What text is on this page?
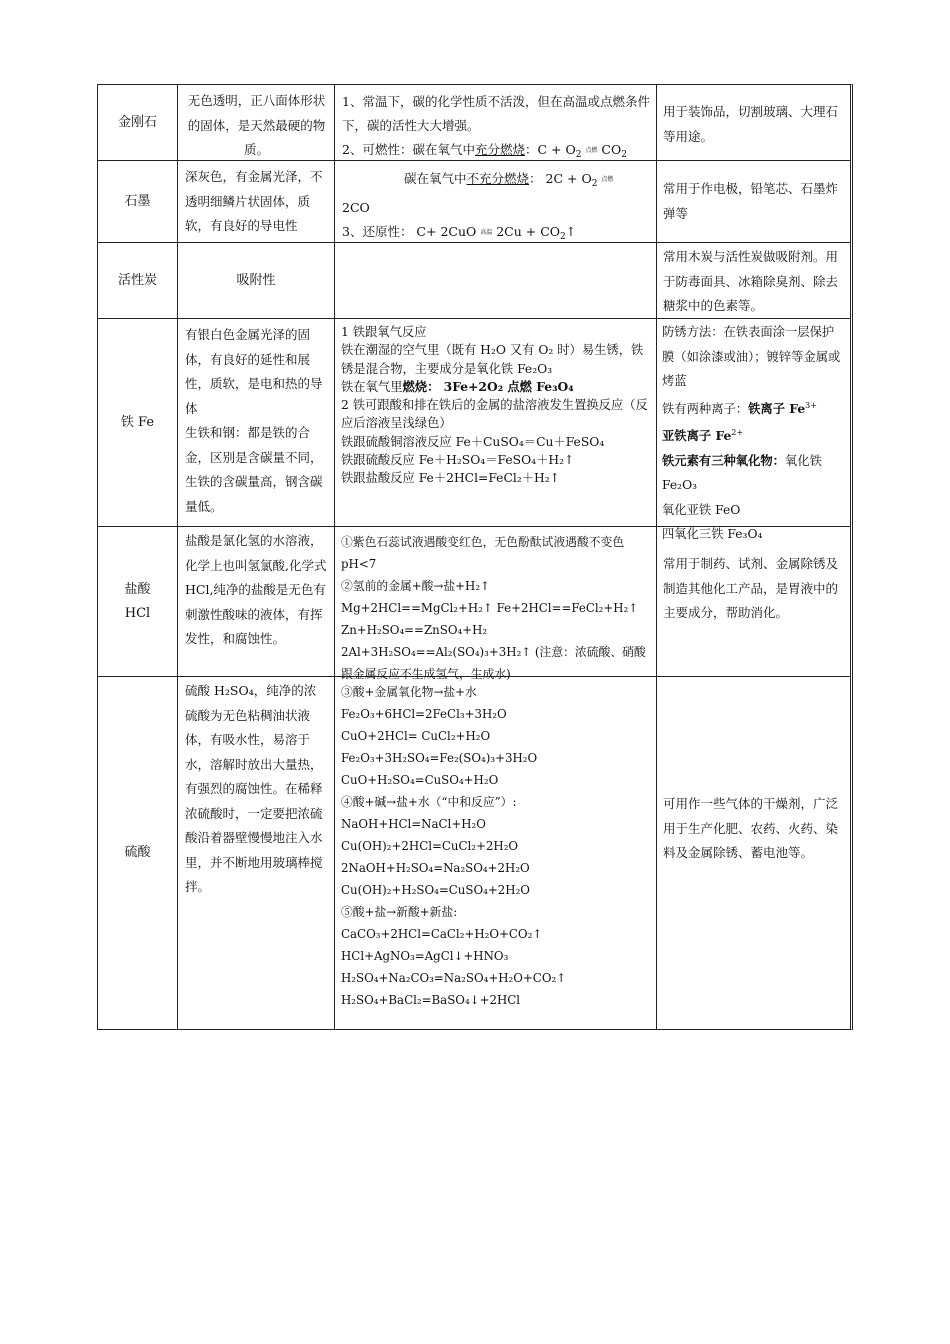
金刚石
无色透明，正八面体形状的固体，是天然最硬的物质。
用于装饰品，切割玻璃、大理石等用途。
石墨
深灰色，有金属光泽，不透明细鳞片状固体，质软，有良好的导电性
常用于作电极，铅笔芯、石墨炸弹等
活性炭	吸附性
常用木炭与活性炭做吸附剂。用于防毒面具、冰箱除臭剂、除去糖浆中的色素等。
1、常温下，碳的化学性质不活泼，但在高温或点燃条件下，碳的活性大大增强。
2、可燃性：碳在氧气中充分燃烧：$C + O_2$ 点燃 $CO_2$
碳在氧气中不充分燃烧： $2C + O_2$ 点燃
2CO
3、还原性： C+ 2CuO 高温 $2Cu + CO_2↑$
铁 Fe
有银白色金属光泽的固体，有良好的延性和展性，质软，是电和热的导体
生铁和钢：都是铁的合金，区别是含碳量不同，生铁的含碳量高，钢含碳量低。
1 铁跟氧气反应
铁在潮湿的空气里（既有 H₂O 又有 O₂ 时）易生锈，铁锈是混合物，主要成分是氧化铁 Fe₂O₃
铁在氧气里燃烧： 3Fe+2O₂ 点燃 Fe₃O₄
2 铁可跟酸和排在铁后的金属的盐溶液发生置换反应（反应后溶液呈浅绿色）
铁跟硫酸铜溶液反应 Fe＋CuSO₄＝Cu＋FeSO₄
铁跟硫酸反应 Fe＋H₂SO₄＝FeSO₄＋H₂↑
铁跟盐酸反应 Fe＋2HCl=FeCl₂＋H₂↑
防锈方法：在铁表面涂一层保护膜（如涂漆或油）；镀锌等金属或烤蓝
铁有两种离子：铁离子 $Fe^{3+}$
亚铁离子 $Fe^{2+}$
铁元素有三种氧化物：氧化铁 Fe₂O₃
氧化亚铁 FeO
四氧化三铁 Fe₃O₄
盐酸
HCl
盐酸是氯化氢的水溶液，化学上也叫氢氯酸,化学式HCl,纯净的盐酸是无色有刺激性酸味的液体，有挥发性，和腐蚀性。
①紫色石蕊试液遇酸变红色，无色酚酞试液遇酸不变色 pH<7
②氢前的金属+酸→盐+H₂↑
Mg+2HCl==MgCl₂+H₂↑ Fe+2HCl==FeCl₂+H₂↑
Zn+H₂SO₄==ZnSO₄+H₂
2Al+3H₂SO₄==Al₂(SO₄)₃+3H₂↑ (注意：浓硫酸、硝酸跟金属反应不生成氢气，生成水)
常用于制药、试剂、金属除锈及制造其他化工产品，是胃液中的主要成分，帮助消化。
硫酸
硫酸 H₂SO₄，纯净的浓硫酸为无色粘稠油状液体，有吸水性，易溶于水，溶解时放出大量热，有强烈的腐蚀性。在稀释浓硫酸时，一定要把浓硫酸沿着器壁慢慢地注入水里，并不断地用玻璃棒搅拌。
③酸+金属氧化物→盐+水
Fe₂O₃+6HCl=2FeCl₃+3H₂O
CuO+2HCl= CuCl₂+H₂O
Fe₂O₃+3H₂SO₄=Fe₂(SO₄)₃+3H₂O
CuO+H₂SO₄=CuSO₄+H₂O
④酸+碱→盐+水（“中和反应”）:
NaOH+HCl=NaCl+H₂O
Cu(OH)₂+2HCl=CuCl₂+2H₂O
2NaOH+H₂SO₄=Na₂SO₄+2H₂O
Cu(OH)₂+H₂SO₄=CuSO₄+2H₂O
⑤酸+盐→新酸+新盐:
CaCO₃+2HCl=CaCl₂+H₂O+CO₂↑
HCl+AgNO₃=AgCl↓+HNO₃
H₂SO₄+Na₂CO₃=Na₂SO₄+H₂O+CO₂↑ H₂SO₄+BaCl₂=BaSO₄↓+2HCl
可用作一些气体的干燥剂，广泛用于生产化肥、农药、火药、染料及金属除锈、蓄电池等。
